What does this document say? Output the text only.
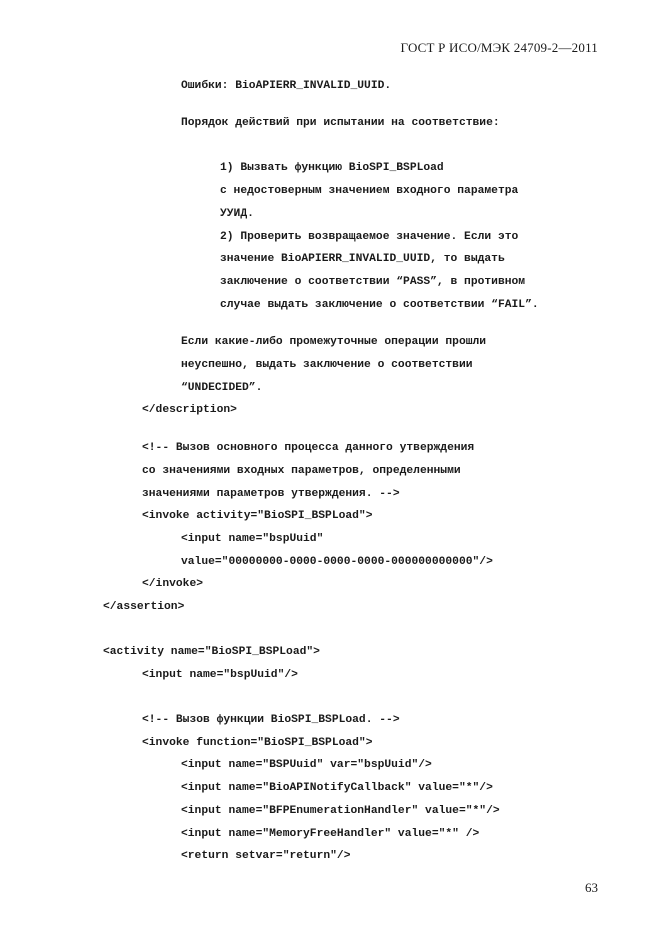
ГОСТ Р ИСО/МЭК 24709-2—2011
Ошибки: BioAPIERR_INVALID_UUID.
Порядок действий при испытании на соответствие:
1) Вызвать функцию BioSPI_BSPLoad
с недостоверным значением входного параметра
УУИД.
2) Проверить возвращаемое значение. Если это
значение BioAPIERR_INVALID_UUID, то выдать
заключение о соответствии “PASS”, в противном
случае выдать заключение о соответствии “FAIL”.
Если какие-либо промежуточные операции прошли
неуспешно, выдать заключение о соответствии
“UNDECIDED”.
</description>
<!-- Вызов основного процесса данного утверждения
со значениями входных параметров, определенными
значениями параметров утверждения. -->
<invoke activity="BioSPI_BSPLoad">
<input name="bspUuid"
value="00000000-0000-0000-0000-000000000000"/>
</invoke>
</assertion>
<activity name="BioSPI_BSPLoad">
<input name="bspUuid"/>
<!-- Вызов функции BioSPI_BSPLoad. -->
<invoke function="BioSPI_BSPLoad">
<input name="BSPUuid" var="bspUuid"/>
<input name="BioAPINotifyCallback" value="*"/>
<input name="BFPEnumerationHandler" value="*"/>
<input name="MemoryFreeHandler" value="*" />
<return setvar="return"/>
63
